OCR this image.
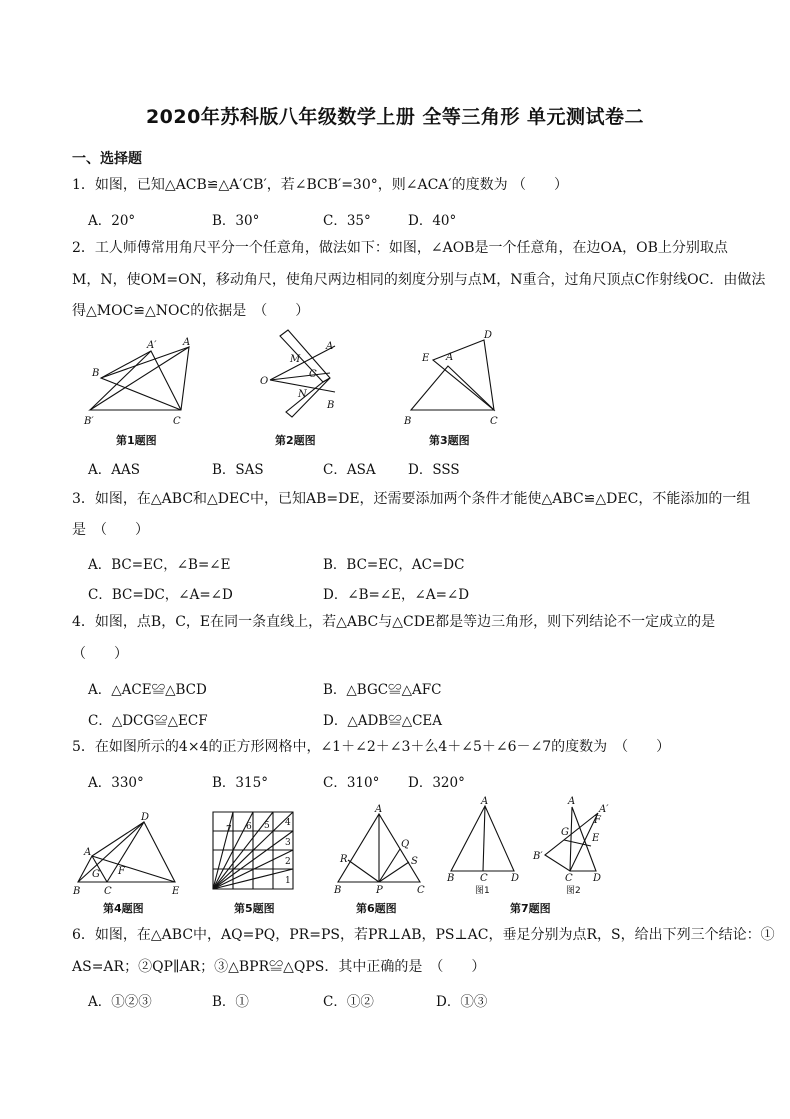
2020年苏科版八年级数学上册 全等三角形 单元测试卷二
一、选择题
1．如图，已知△ACB≌△A′CB′，若∠BCB′=30°，则∠ACA′的度数为 （　　）
A．20°	B．30°	C．35°	D．40°
2．工人师傅常用角尺平分一个任意角，做法如下：如图，∠AOB是一个任意角，在边OA，OB上分别取点
M，N，使OM=ON，移动角尺，使角尺两边相同的刻度分别与点M，N重合，过角尺顶点C作射线OC．由做法
得△MOC≌△NOC的依据是　（　　）
A
A′
B
B′	C
A
M
C
O
N
B
D
E A
B	C
D
A
G F
B C	E
5
6
7
4
3
2
1
A
Q
R	S
B	P	C
A
B	C D
A
A′
F
G
E
B′
C D
第1题图	第2题图	第3题图
A．AAS	B．SAS	C．ASA D．SSS
3．如图，在△ABC和△DEC中，已知AB=DE，还需要添加两个条件才能使△ABC≌△DEC，不能添加的一组
是　（　　）
A．BC=EC，∠B=∠E	B．BC=EC，AC=DC
C．BC=DC，∠A=∠D	D．∠B=∠E，∠A=∠D
4．如图，点B，C，E在同一条直线上，若△ABC与△CDE都是等边三角形，则下列结论不一定成立的是
（　　）
A．△ACE≌△BCD	B．△BGC≌△AFC
C．△DCG≌△ECF	D．△ADB≌△CEA
5．在如图所示的4×4的正方形网格中，∠1＋∠2＋∠3＋么4＋∠5＋∠6－∠7的度数为　（　　）
A．330°	B．315°	C．310° D．320°
第4题图	第5题图	第6题图	第7题图
图1	图2
6．如图，在△ABC中，AQ=PQ，PR=PS，若PR⊥AB，PS⊥AC，垂足分别为点R，S，给出下列三个结论：①
AS=AR；②QP∥AR；③△BPR≌△QPS．其中正确的是　（　　）
A．①②③	B．①	C．①②	D．①③
